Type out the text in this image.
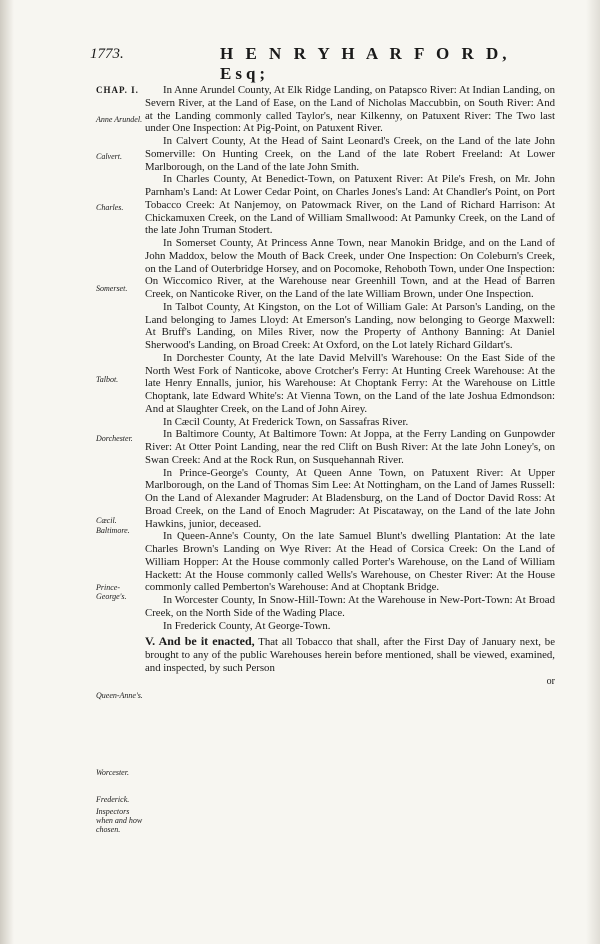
1773.	H E N R Y H A R F O R D, Esq;
CHAP. I.
Anne Arundel.
Calvert.
Charles.
Somerset.
Talbot.
Dorchester.
Cæcil.
Baltimore.
Prince-George's.
Queen-Anne's.
Worcester.
Frederick.
Inspectors when and how chosen.

In Anne Arundel County, At Elk Ridge Landing, on Patapsco River: At Indian Landing, on Severn River, at the Land of Ease, on the Land of Nicholas Maccubbin, on South River: And at the Landing commonly called Taylor's, near Kilkenny, on Patuxent River: The Two last under One Inspection: At Pig-Point, on Patuxent River.

In Calvert County, At the Head of Saint Leonard's Creek, on the Land of the late John Somerville: On Hunting Creek, on the Land of the late Robert Freeland: At Lower Marlborough, on the Land of the late John Smith.

In Charles County, At Benedict-Town, on Patuxent River: At Pile's Fresh, on Mr. John Parnham's Land: At Lower Cedar Point, on Charles Jones's Land: At Chandler's Point, on Port Tobacco Creek: At Nanjemoy, on Patowmack River, on the Land of Richard Harrison: At Chickamuxen Creek, on the Land of William Smallwood: At Pamunky Creek, on the Land of the late John Truman Stodert.

In Somerset County, At Princess Anne Town, near Manokin Bridge, and on the Land of John Maddox, below the Mouth of Back Creek, under One Inspection: On Coleburn's Creek, on the Land of Outerbridge Horsey, and on Pocomoke, Rehoboth Town, under One Inspection: On Wiccomico River, at the Warehouse near Greenhill Town, and at the Head of Barren Creek, on Nanticoke River, on the Land of the late William Brown, under One Inspection.

In Talbot County, At Kingston, on the Lot of William Gale: At Parson's Landing, on the Land belonging to James Lloyd: At Emerson's Landing, now belonging to George Maxwell: At Bruff's Landing, on Miles River, now the Property of Anthony Banning: At Daniel Sherwood's Landing, on Broad Creek: At Oxford, on the Lot lately Richard Gildart's.

In Dorchester County, At the late David Melvill's Warehouse: On the East Side of the North West Fork of Nanticoke, above Crotcher's Ferry: At Hunting Creek Warehouse: At the late Henry Ennalls, junior, his Warehouse: At Choptank Ferry: At the Warehouse on Little Choptank, late Edward White's: At Vienna Town, on the Land of the late Joshua Edmondson: And at Slaughter Creek, on the Land of John Airey.

In Cæcil County, At Frederick Town, on Sassafras River.

In Baltimore County, At Baltimore Town: At Joppa, at the Ferry Landing on Gunpowder River: At Otter Point Landing, near the red Clift on Bush River: At the late John Loney's, on Swan Creek: And at the Rock Run, on Susquehannah River.

In Prince-George's County, At Queen Anne Town, on Patuxent River: At Upper Marlborough, on the Land of Thomas Sim Lee: At Nottingham, on the Land of James Russell: On the Land of Alexander Magruder: At Bladensburg, on the Land of Doctor David Ross: At Broad Creek, on the Land of Enoch Magruder: At Piscataway, on the Land of the late John Hawkins, junior, deceased.

In Queen-Anne's County, On the late Samuel Blunt's dwelling Plantation: At the late Charles Brown's Landing on Wye River: At the Head of Corsica Creek: On the Land of William Hopper: At the House commonly called Porter's Warehouse, on the Land of William Hackett: At the House commonly called Wells's Warehouse, on Chester River: At the House commonly called Pemberton's Warehouse: And at Choptank Bridge.

In Worcester County, In Snow-Hill-Town: At the Warehouse in New-Port-Town: At Broad Creek, on the North Side of the Wading Place.

In Frederick County, At George-Town.

V. And be it enacted, That all Tobacco that shall, after the First Day of January next, be brought to any of the public Warehouses herein before mentioned, shall be viewed, examined, and inspected, by such Person

or
